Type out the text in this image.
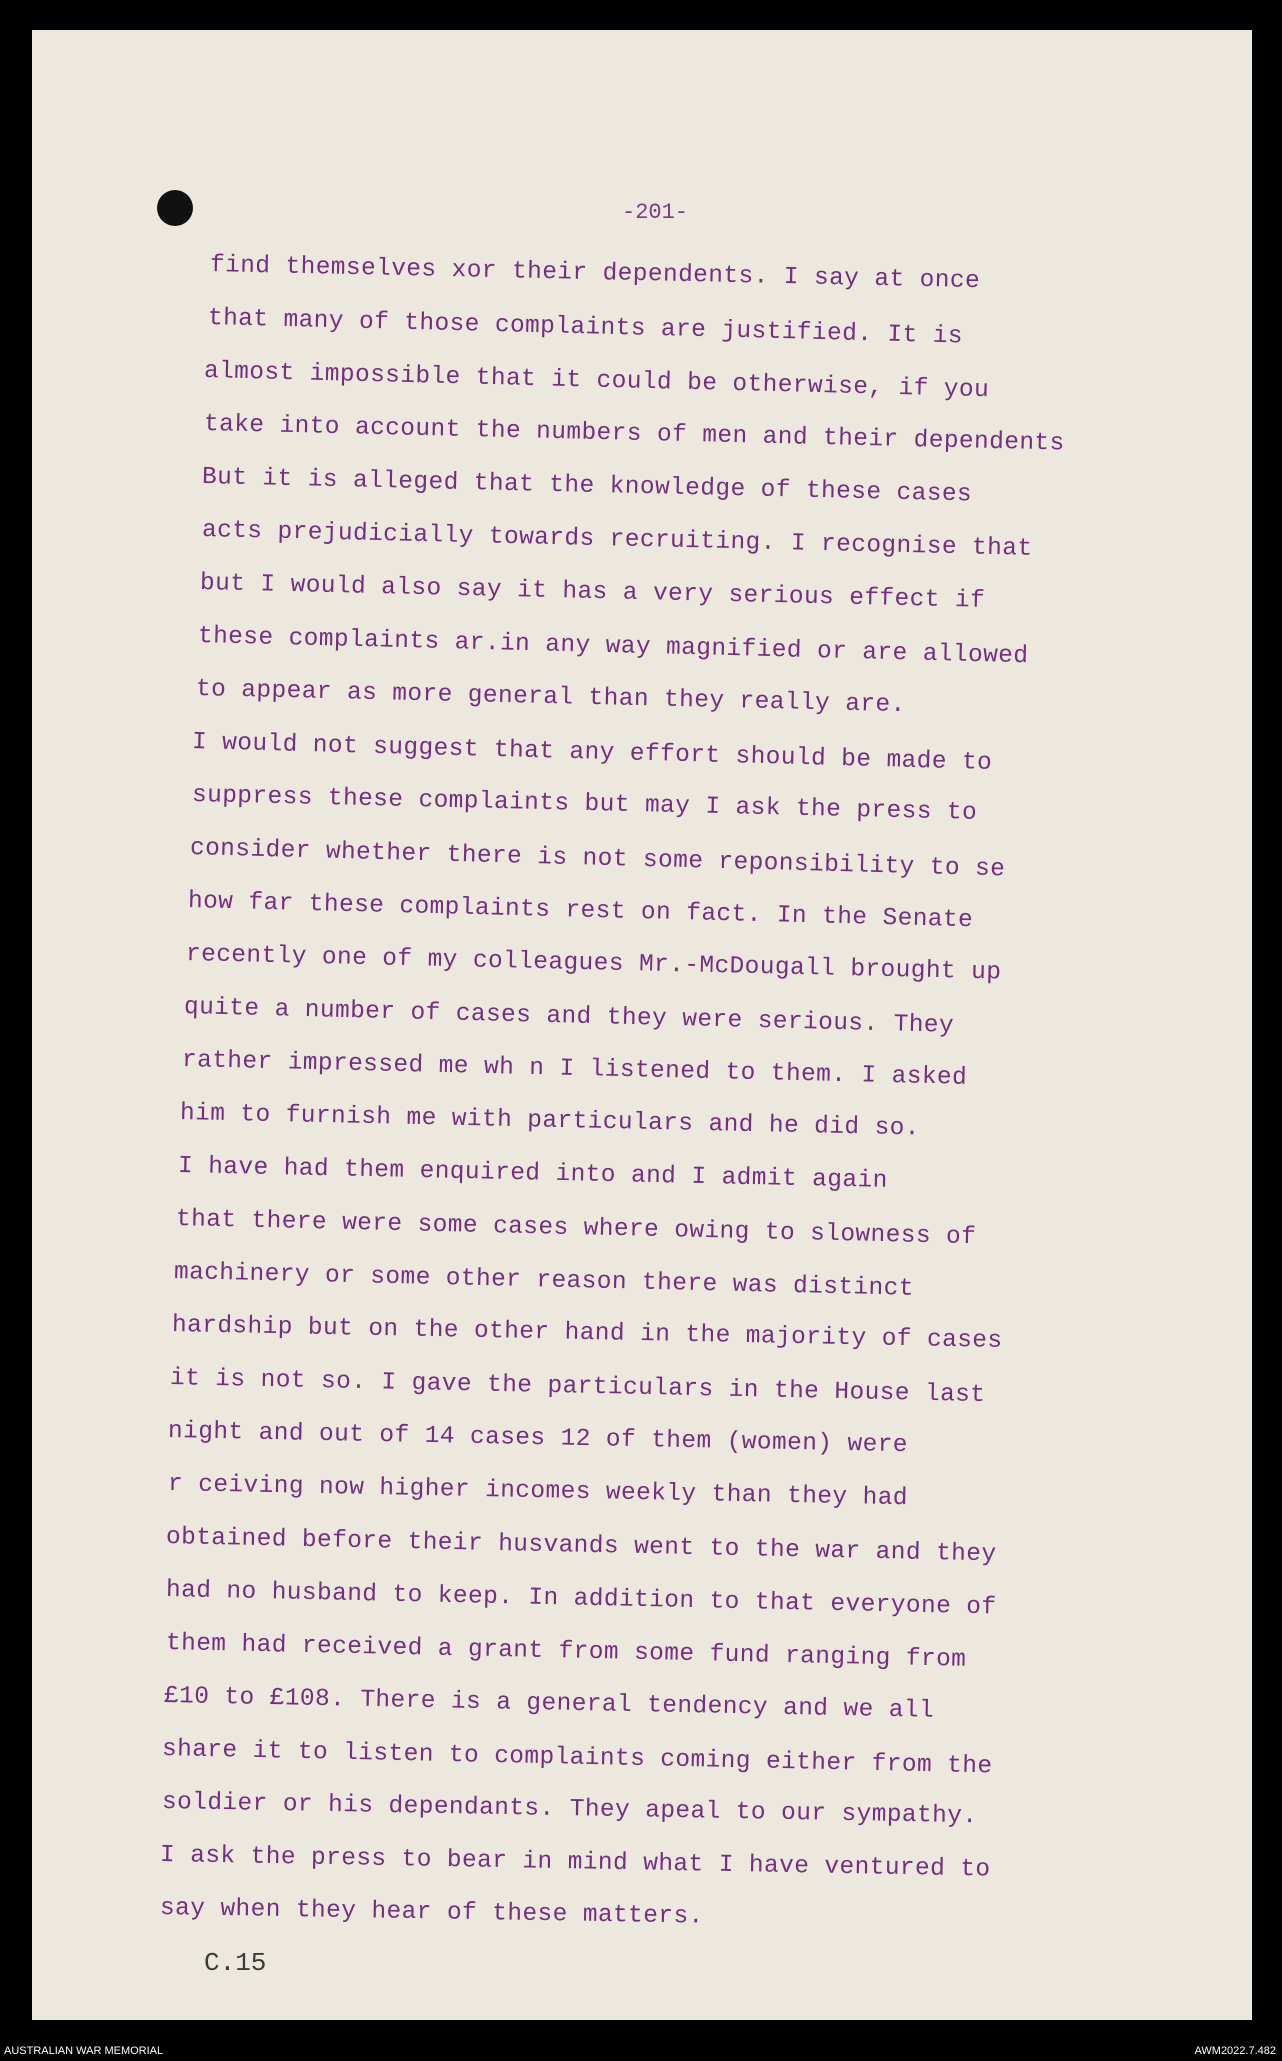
-201-
find themselves xor their dependents. I say at once
that many of those complaints are justified. It is
almost impossible that it could be otherwise, if you
take into account the numbers of men and their dependents
But it is alleged that the knowledge of these cases
acts prejudicially towards recruiting. I recognise that
but I would also say it has a very serious effect if
these complaints ar.in any way magnified or are allowed
to appear as more general than they really are.
I would not suggest that any effort should be made to
suppress these complaints but may I ask the press to
consider whether there is not some reponsibility to se
how far these complaints rest on fact. In the Senate
recently one of my colleagues Mr.-McDougall brought up
quite a number of cases and they were serious. They
rather impressed me wh n I listened to them. I asked
him to furnish me with particulars and he did so.
I have had them enquired into and I admit again
that there were some cases where owing to slowness of
machinery or some other reason there was distinct
hardship but on the other hand in the majority of cases
it is not so. I gave the particulars in the House last
night and out of 14 cases 12 of them (women) were
r ceiving now higher incomes weekly than they had
obtained before their husvands went to the war and they
had no husband to keep. In addition to that everyone of
them had received a grant from some fund ranging from
£10 to £108. There is a general tendency and we all
share it to listen to complaints coming either from the
soldier or his dependants. They apeal to our sympathy.
I ask the press to bear in mind what I have ventured to
say when they hear of these matters.
C.15
AUSTRALIAN WAR MEMORIAL	AWM2022.7.482
